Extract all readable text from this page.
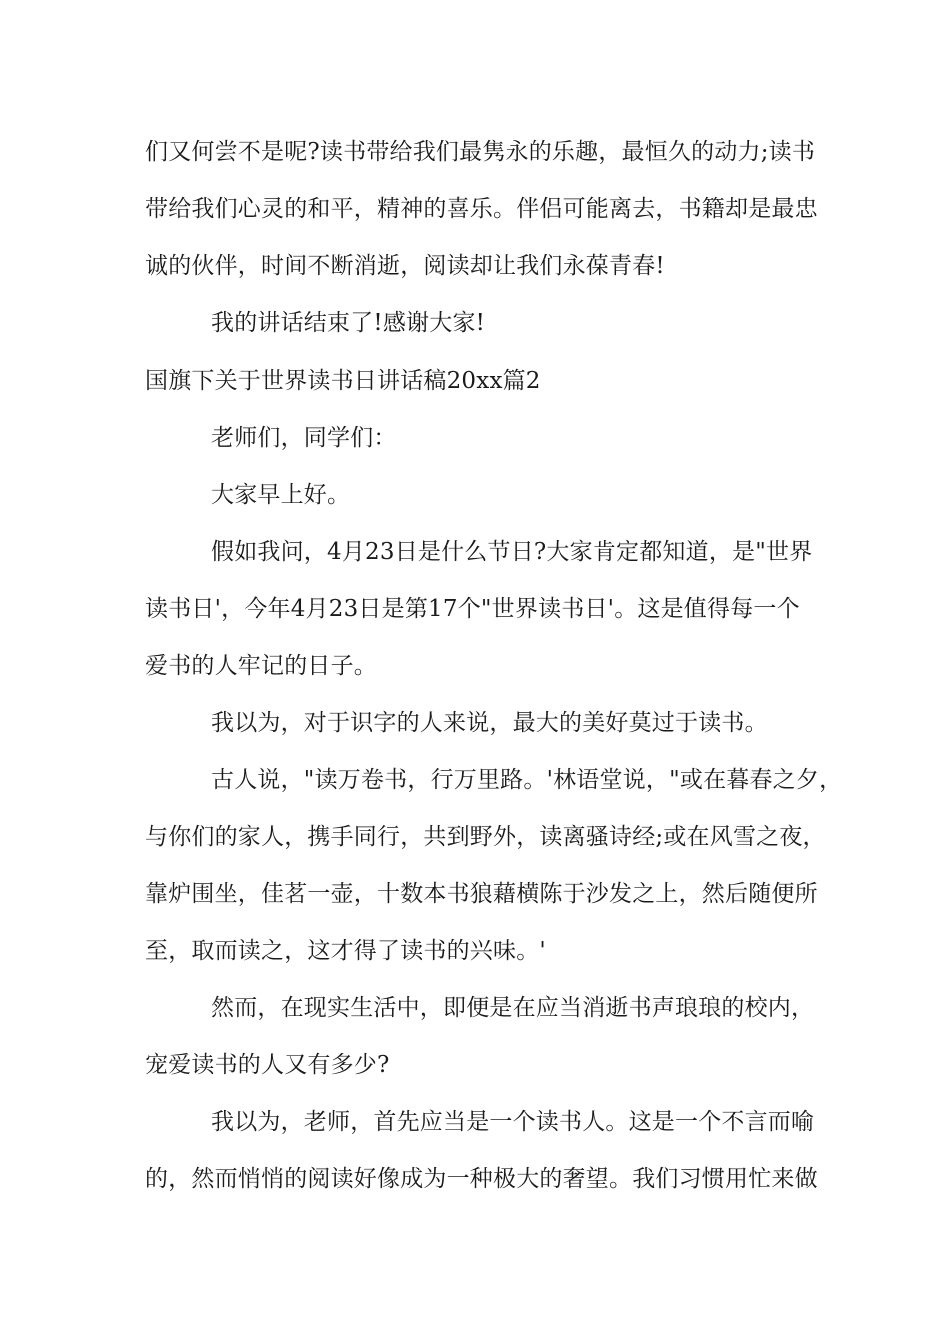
们又何尝不是呢?读书带给我们最隽永的乐趣，最恒久的动力;读书
带给我们心灵的和平，精神的喜乐。伴侣可能离去，书籍却是最忠
诚的伙伴，时间不断消逝，阅读却让我们永葆青春!
我的讲话结束了!感谢大家!
国旗下关于世界读书日讲话稿20xx篇2
老师们，同学们：
大家早上好。
假如我问，4月23日是什么节日?大家肯定都知道，是"世界
读书日'，今年4月23日是第17个"世界读书日'。这是值得每一个
爱书的人牢记的日子。
我以为，对于识字的人来说，最大的美好莫过于读书。
古人说，"读万卷书，行万里路。'林语堂说，"或在暮春之夕，
与你们的家人，携手同行，共到野外，读离骚诗经;或在风雪之夜，
靠炉围坐，佳茗一壶，十数本书狼藉横陈于沙发之上，然后随便所
至，取而读之，这才得了读书的兴味。'
然而，在现实生活中，即便是在应当消逝书声琅琅的校内，
宠爱读书的人又有多少?
我以为，老师，首先应当是一个读书人。这是一个不言而喻
的，然而悄悄的阅读好像成为一种极大的奢望。我们习惯用忙来做
